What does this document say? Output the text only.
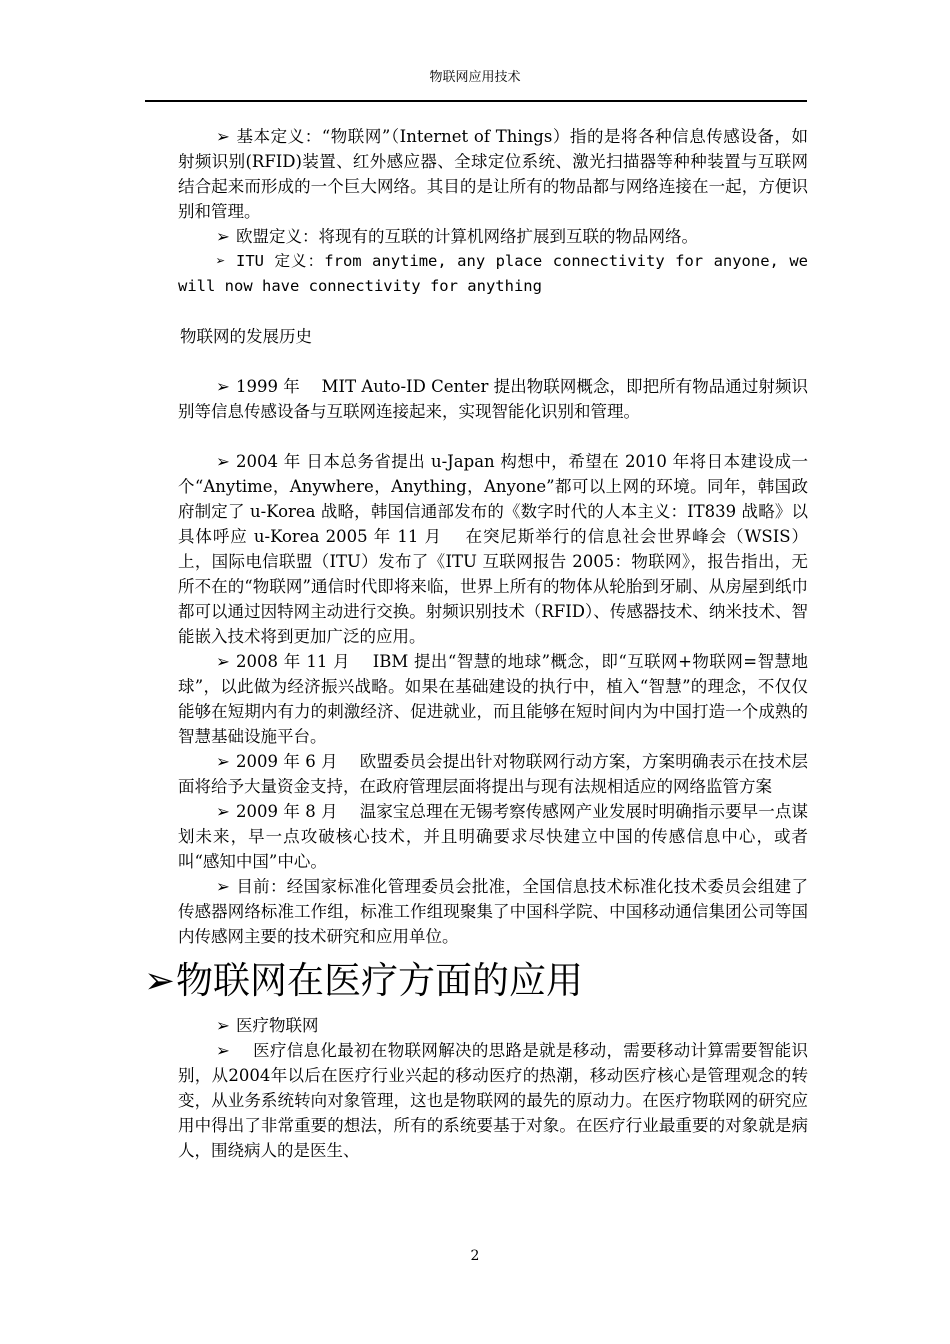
物联网应用技术

➢ 基本定义：“物联网”（Internet of Things）指的是将各种信息传感设备，如射频识别(RFID)装置、红外感应器、全球定位系统、激光扫描器等种种装置与互联网结合起来而形成的一个巨大网络。其目的是让所有的物品都与网络连接在一起，方便识别和管理。

➢ 欧盟定义：将现有的互联的计算机网络扩展到互联的物品网络。

➢ ITU 定义：from anytime, any place connectivity for anyone, we will now have connectivity for anything

物联网的发展历史

➢ 1999 年　 MIT Auto-ID Center 提出物联网概念，即把所有物品通过射频识别等信息传感设备与互联网连接起来，实现智能化识别和管理。

➢ 2004 年 日本总务省提出 u-Japan 构想中，希望在 2010 年将日本建设成一个“Anytime，Anywhere，Anything，Anyone”都可以上网的环境。同年，韩国政府制定了 u-Korea 战略，韩国信通部发布的《数字时代的人本主义：IT839 战略》以具体呼应 u-Korea 2005 年 11 月　 在突尼斯举行的信息社会世界峰会（WSIS）上，国际电信联盟（ITU）发布了《ITU 互联网报告 2005：物联网》，报告指出，无所不在的“物联网”通信时代即将来临，世界上所有的物体从轮胎到牙刷、从房屋到纸巾都可以通过因特网主动进行交换。射频识别技术（RFID）、传感器技术、纳米技术、智能嵌入技术将到更加广泛的应用。

➢ 2008 年 11 月　 IBM 提出“智慧的地球”概念，即“互联网+物联网=智慧地球”，以此做为经济振兴战略。如果在基础建设的执行中，植入“智慧”的理念，不仅仅能够在短期内有力的刺激经济、促进就业，而且能够在短时间内为中国打造一个成熟的智慧基础设施平台。

➢ 2009 年 6 月　 欧盟委员会提出针对物联网行动方案，方案明确表示在技术层面将给予大量资金支持，在政府管理层面将提出与现有法规相适应的网络监管方案

➢ 2009 年 8 月　 温家宝总理在无锡考察传感网产业发展时明确指示要早一点谋划未来，早一点攻破核心技术，并且明确要求尽快建立中国的传感信息中心，或者叫“感知中国”中心。

➢ 目前：经国家标准化管理委员会批准，全国信息技术标准化技术委员会组建了传感器网络标准工作组，标准工作组现聚集了中国科学院、中国移动通信集团公司等国内传感网主要的技术研究和应用单位。

➢物联网在医疗方面的应用

➢ 医疗物联网

➢　医疗信息化最初在物联网解决的思路是就是移动，需要移动计算需要智能识别，从2004年以后在医疗行业兴起的移动医疗的热潮，移动医疗核心是管理观念的转变，从业务系统转向对象管理，这也是物联网的最先的原动力。在医疗物联网的研究应用中得出了非常重要的想法，所有的系统要基于对象。在医疗行业最重要的对象就是病人，围绕病人的是医生、

2
